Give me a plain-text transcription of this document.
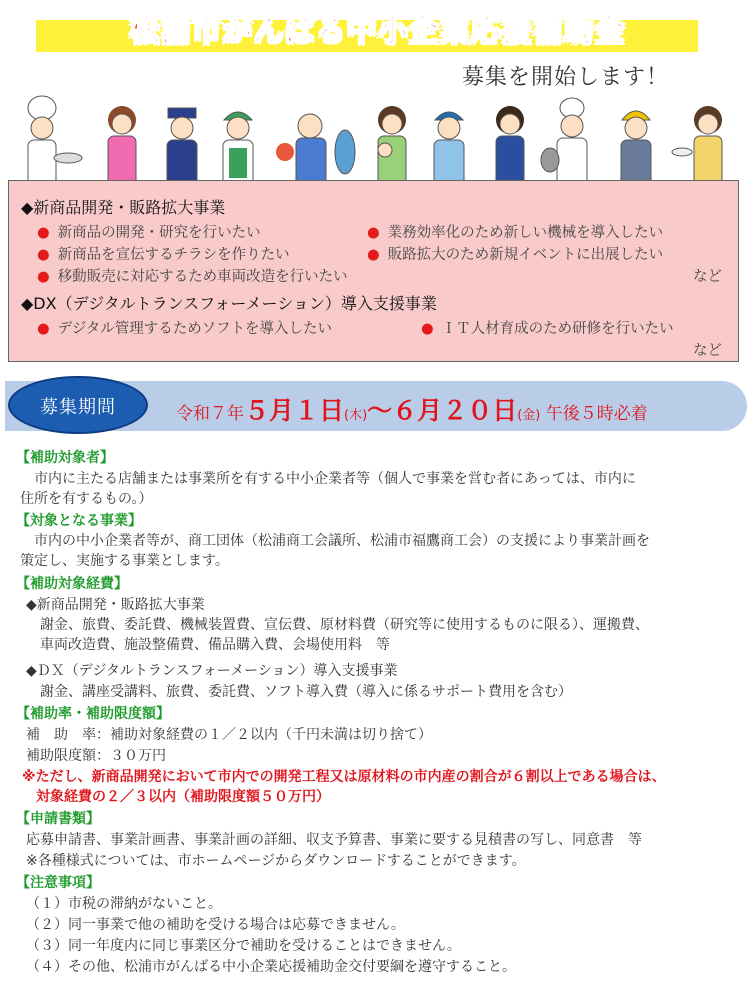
松浦市がんばる中小企業応援補助金
募集を開始します！
◆新商品開発・販路拡大事業
● 新商品の開発・研究を行いたい	● 業務効率化のため新しい機械を導入したい
● 新商品を宣伝するチラシを作りたい	● 販路拡大のため新規イベントに出展したい
● 移動販売に対応するため車両改造を行いたい	など
◆DX（デジタルトランスフォーメーション）導入支援事業
● デジタル管理するためソフトを導入したい	● ＩＴ人材育成のため研修を行いたい
など
募集期間	令和７年５月１日(木)～６月２０日(金) 午後５時必着
【補助対象者】
　市内に主たる店舗または事業所を有する中小企業者等（個人で事業を営む者にあっては、市内に
住所を有するもの。）
【対象となる事業】
　市内の中小企業者等が、商工団体（松浦商工会議所、松浦市福鷹商工会）の支援により事業計画を
策定し、実施する事業とします。
【補助対象経費】
◆新商品開発・販路拡大事業
謝金、旅費、委託費、機械装置費、宣伝費、原材料費（研究等に使用するものに限る）、運搬費、
車両改造費、施設整備費、備品購入費、会場使用料　等
◆ＤＸ（デジタルトランスフォーメーション）導入支援事業
謝金、講座受講料、旅費、委託費、ソフト導入費（導入に係るサポート費用を含む）
【補助率・補助限度額】
補　助　率：補助対象経費の１／２以内（千円未満は切り捨て）
補助限度額：３０万円
※ただし、新商品開発において市内での開発工程又は原材料の市内産の割合が６割以上である場合は、
　対象経費の２／３以内（補助限度額５０万円）
【申請書類】
応募申請書、事業計画書、事業計画の詳細、収支予算書、事業に要する見積書の写し、同意書　等
※各種様式については、市ホームページからダウンロードすることができます。
【注意事項】
（１）市税の滞納がないこと。
（２）同一事業で他の補助を受ける場合は応募できません。
（３）同一年度内に同じ事業区分で補助を受けることはできません。
（４）その他、松浦市がんばる中小企業応援補助金交付要綱を遵守すること。
